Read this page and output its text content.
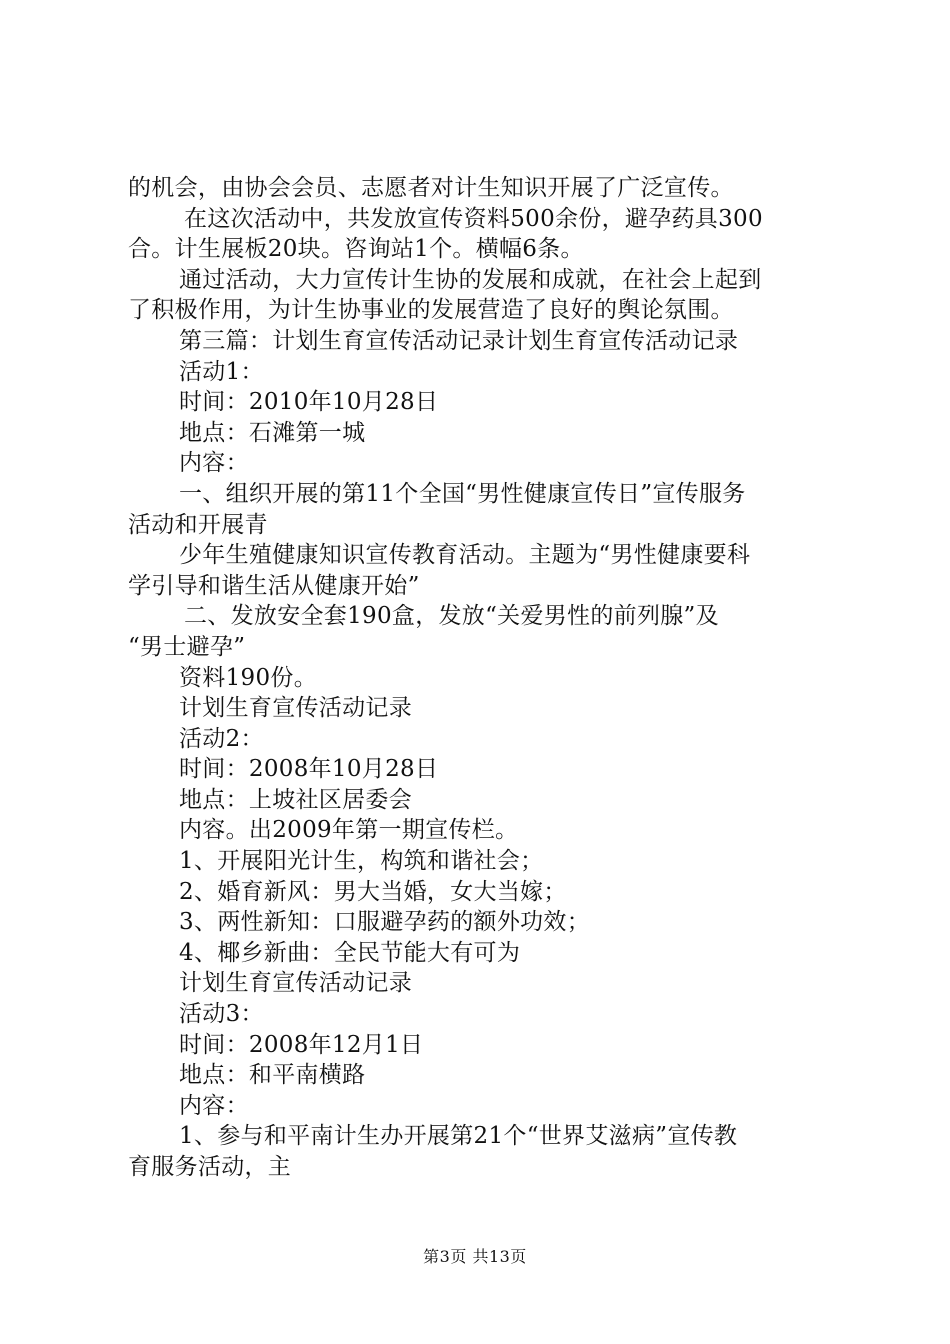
的机会，由协会会员、志愿者对计生知识开展了广泛宣传。
在这次活动中，共发放宣传资料500余份，避孕药具300
合。计生展板20块。咨询站1个。横幅6条。
通过活动，大力宣传计生协的发展和成就，在社会上起到
了积极作用，为计生协事业的发展营造了良好的舆论氛围。
第三篇：计划生育宣传活动记录计划生育宣传活动记录
活动1：
时间：2010年10月28日
地点：石滩第一城
内容：
一、组织开展的第11个全国“男性健康宣传日”宣传服务
活动和开展青
少年生殖健康知识宣传教育活动。主题为“男性健康要科
学引导和谐生活从健康开始”
二、发放安全套190盒，发放“关爱男性的前列腺”及
“男士避孕”
资料190份。
计划生育宣传活动记录
活动2：
时间：2008年10月28日
地点：上坡社区居委会
内容。出2009年第一期宣传栏。
1、开展阳光计生，构筑和谐社会；
2、婚育新风：男大当婚，女大当嫁；
3、两性新知：口服避孕药的额外功效；
4、椰乡新曲：全民节能大有可为
计划生育宣传活动记录
活动3：
时间：2008年12月1日
地点：和平南横路
内容：
1、参与和平南计生办开展第21个“世界艾滋病”宣传教
育服务活动，主
第3页 共13页
